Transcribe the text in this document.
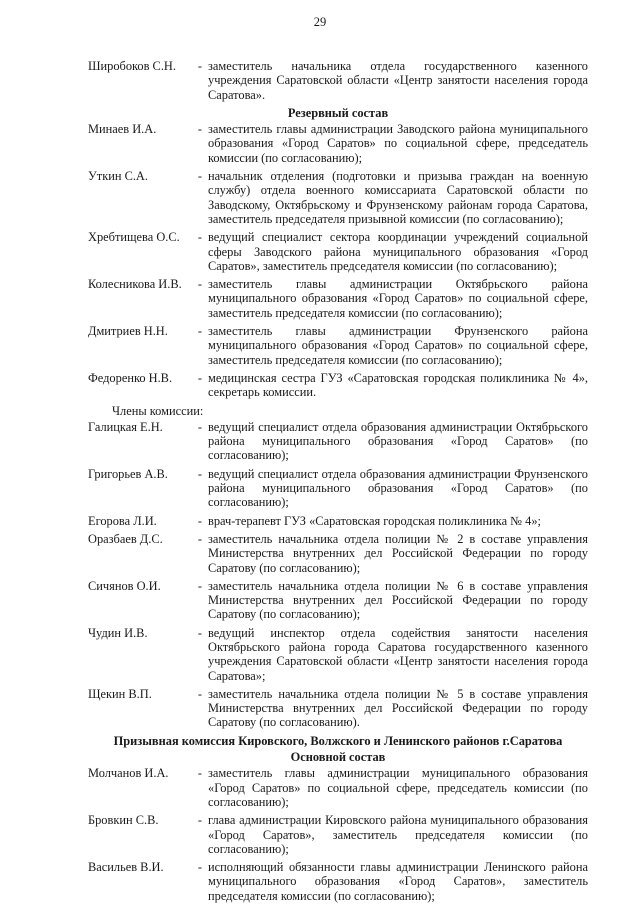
29
Широбоков С.Н.	- заместитель начальника отдела государственного казенного учреждения Саратовской области «Центр занятости населения города Саратова».
Резервный состав
Минаев И.А.	- заместитель главы администрации Заводского района муниципального образования «Город Саратов» по социальной сфере, председатель комиссии (по согласованию);
Уткин С.А.	- начальник отделения (подготовки и призыва граждан на военную службу) отдела военного комиссариата Саратовской области по Заводскому, Октябрьскому и Фрунзенскому районам города Саратова, заместитель председателя призывной комиссии (по согласованию);
Хребтищева О.С.	- ведущий специалист сектора координации учреждений социальной сферы Заводского района муниципального образования «Город Саратов», заместитель председателя комиссии (по согласованию);
Колесникова И.В.	- заместитель главы администрации Октябрьского района муниципального образования «Город Саратов» по социальной сфере, заместитель председателя комиссии (по согласованию);
Дмитриев Н.Н.	- заместитель главы администрации Фрунзенского района муниципального образования «Город Саратов» по социальной сфере, заместитель председателя комиссии (по согласованию);
Федоренко Н.В.	- медицинская сестра ГУЗ «Саратовская городская поликлиника № 4», секретарь комиссии.
Члены комиссии:
Галицкая Е.Н.	- ведущий специалист отдела образования администрации Октябрьского района муниципального образования «Город Саратов» (по согласованию);
Григорьев А.В.	- ведущий специалист отдела образования администрации Фрунзенского района муниципального образования «Город Саратов» (по согласованию);
Егорова Л.И.	- врач-терапевт ГУЗ «Саратовская городская поликлиника № 4»;
Оразбаев Д.С.	- заместитель начальника отдела полиции № 2 в составе управления Министерства внутренних дел Российской Федерации по городу Саратову (по согласованию);
Сичянов О.И.	- заместитель начальника отдела полиции № 6 в составе управления Министерства внутренних дел Российской Федерации по городу Саратову (по согласованию);
Чудин И.В.	- ведущий инспектор отдела содействия занятости населения Октябрьского района города Саратова государственного казенного учреждения Саратовской области «Центр занятости населения города Саратова»;
Щекин В.П.	- заместитель начальника отдела полиции № 5 в составе управления Министерства внутренних дел Российской Федерации по городу Саратову (по согласованию).
Призывная комиссия Кировского, Волжского и Ленинского районов г.Саратова
Основной состав
Молчанов И.А.	- заместитель главы администрации муниципального образования «Город Саратов» по социальной сфере, председатель комиссии (по согласованию);
Бровкин С.В.	- глава администрации Кировского района муниципального образования «Город Саратов», заместитель председателя комиссии (по согласованию);
Васильев В.И.	- исполняющий обязанности главы администрации Ленинского района муниципального образования «Город Саратов», заместитель председателя комиссии (по согласованию);
